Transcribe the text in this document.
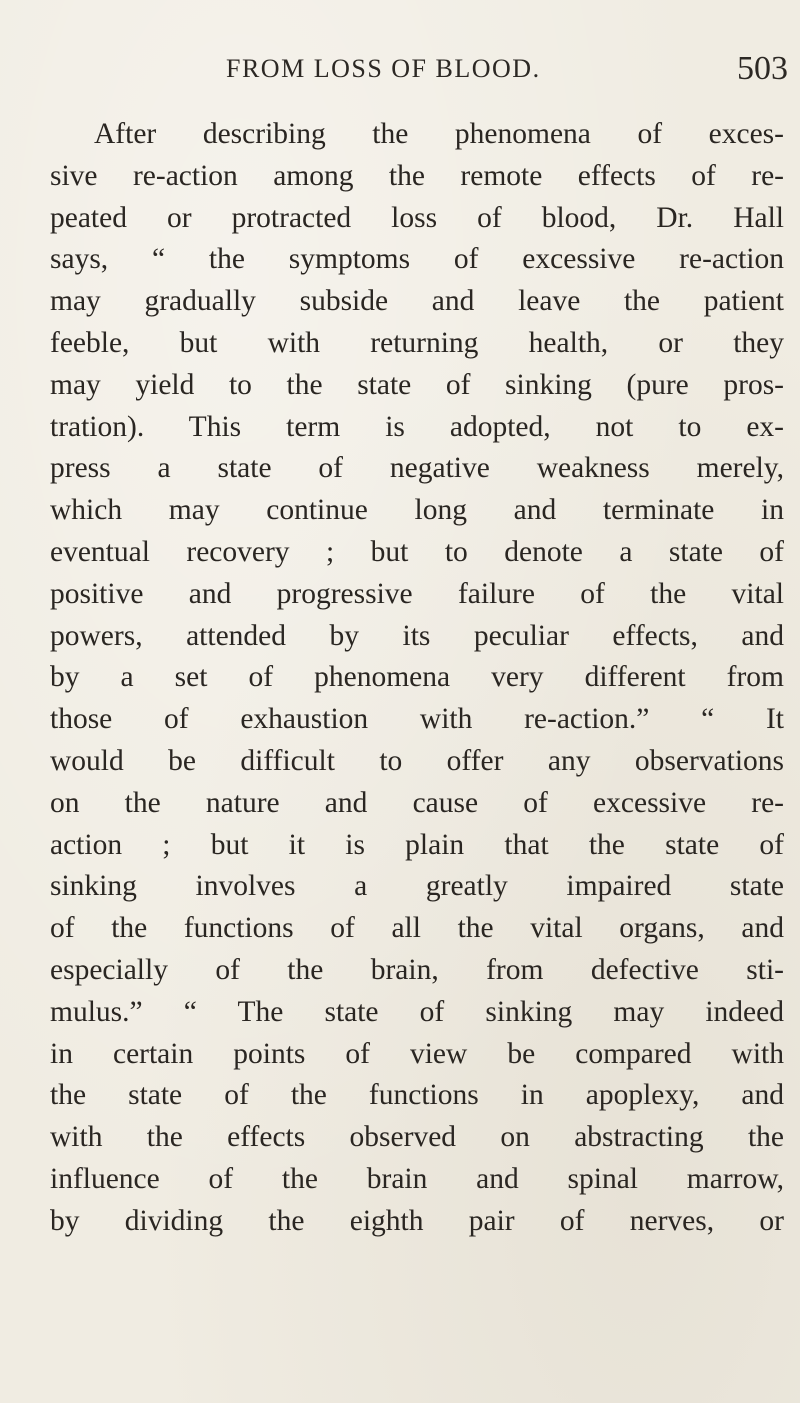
FROM LOSS OF BLOOD.	503
After describing the phenomena of exces-
sive re-action among the remote effects of re-
peated or protracted loss of blood, Dr. Hall
says, “ the symptoms of excessive re-action
may gradually subside and leave the patient
feeble, but with returning health, or they
may yield to the state of sinking (pure pros-
tration). This term is adopted, not to ex-
press a state of negative weakness merely,
which may continue long and terminate in
eventual recovery ; but to denote a state of
positive and progressive failure of the vital
powers, attended by its peculiar effects, and
by a set of phenomena very different from
those of exhaustion with re-action.” “ It
would be difficult to offer any observations
on the nature and cause of excessive re-
action ; but it is plain that the state of
sinking involves a greatly impaired state
of the functions of all the vital organs, and
especially of the brain, from defective sti-
mulus.” “ The state of sinking may indeed
in certain points of view be compared with
the state of the functions in apoplexy, and
with the effects observed on abstracting the
influence of the brain and spinal marrow,
by dividing the eighth pair of nerves, or
